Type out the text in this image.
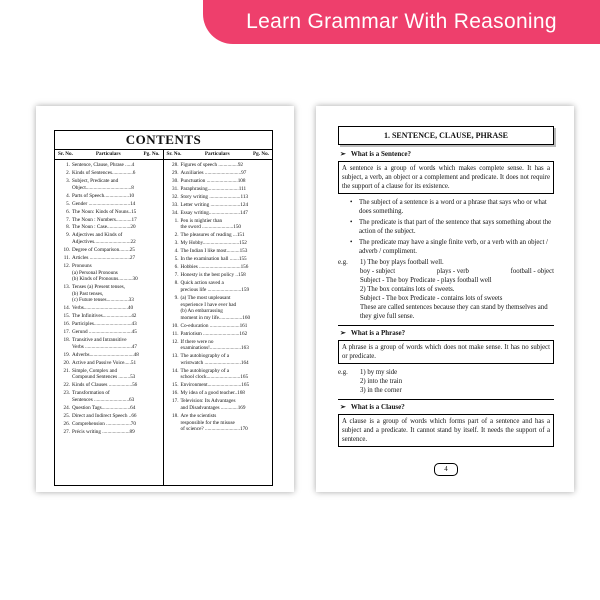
Learn Grammar With Reasoning
CONTENTS
Sr. No.	Particulars	Pg. No. Sr. No.	Particulars	Pg. No.
1. Sentence, Clause, Phrase .....4
2. Kinds of Sentences................6
3. Subject, Predicate and
Object...................................8
4. Parts of Speech...................10
5. Gender ................................14
6. The Noun: Kinds of Nouns..15
7. The Noun : Numbers............17
8. The Noun : Case..................20
9. Adjectives and Kinds of
Adjectives............................22
10. Degree of Comparison........25
11. Articles ...............................27
12. Pronouns
(a) Personal Pronouns
(b) Kinds of Pronouns...........30
13. Tenses (a) Present tenses,
(b) Past tenses,
(c) Future tenses.................33
14. Verbs..................................40
15. The Infinitives......................42
16. Participles.............................43
17. Gerund .................................45
18. Transitive and Intransitive
Verbs ....................................47
19. Adverbs..................................48
20. Active and Passive Voice.....51
21. Simple, Complex and
Compound Sentences .........53
22. Kinds of Clauses ..................56
23. Transformation of
Sentences ...........................63
24. Question Tags......................64
25. Direct and Indirect Speech ..66
26. Comprehension ...................70
27. Précis writing .....................89
28. Figures of speech ...............92
29. Auxiliaries ............................97
30. Punctuation ........................108
31. Paraphrasing........................111
32. Story writing ........................113
33. Letter writing .......................124
34. Essay writing........................147
1. Pen is mightier than
the sword ........................150
2. The pleasures of reading ...151
3. My Hobby............................152
4. The Indian I like most..........153
5. In the examination hall .......155
6. Hobbies ................................156
7. Honesty is the best policy ..158
8. Quick action saved a
precious life ..........................159
9. (a) The most unpleasant
experience I have ever had
(b) An embarrassing
moment in my life..................160
10. Co-education .......................161
11. Patriotism ............................162
12. If there were no
examinations!........................163
13. The autobiography of a
wristwatch ............................164
14. The autobiography of a
school clock..........................165
15. Environment..........................165
16. My idea of a good teacher..168
17. Television: Its Advantages
and Disadvantages .............169
18. Are the scientists
responsible for the misuse
of science? ...........................170
1. SENTENCE, CLAUSE, PHRASE
➢ What is a Sentence?
A sentence is a group of words which makes complete sense. It has a subject, a verb, an object or a complement and predicate. It does not require the support of a clause for its existence.
• The subject of a sentence is a word or a phrase that says who or what does something.
• The predicate is that part of the sentence that says something about the action of the subject.
• The predicate may have a single finite verb, or a verb with an object / adverb / compliment.
e.g.	1) The boy plays football well.
boy - subject	plays - verb	football - object
Subject - The boy Predicate - plays football well
2) The box contains lots of sweets.
Subject - The box Predicate - contains lots of sweets
These are called sentences because they can stand by themselves and they give full sense.
➢ What is a Phrase?
A phrase is a group of words which does not make sense. It has no subject or predicate.
e.g.	1) by my side
2) into the train
3) in the corner
➢ What is a Clause?
A clause is a group of words which forms part of a sentence and has a subject and a predicate. It cannot stand by itself. It needs the support of a sentence.
4
